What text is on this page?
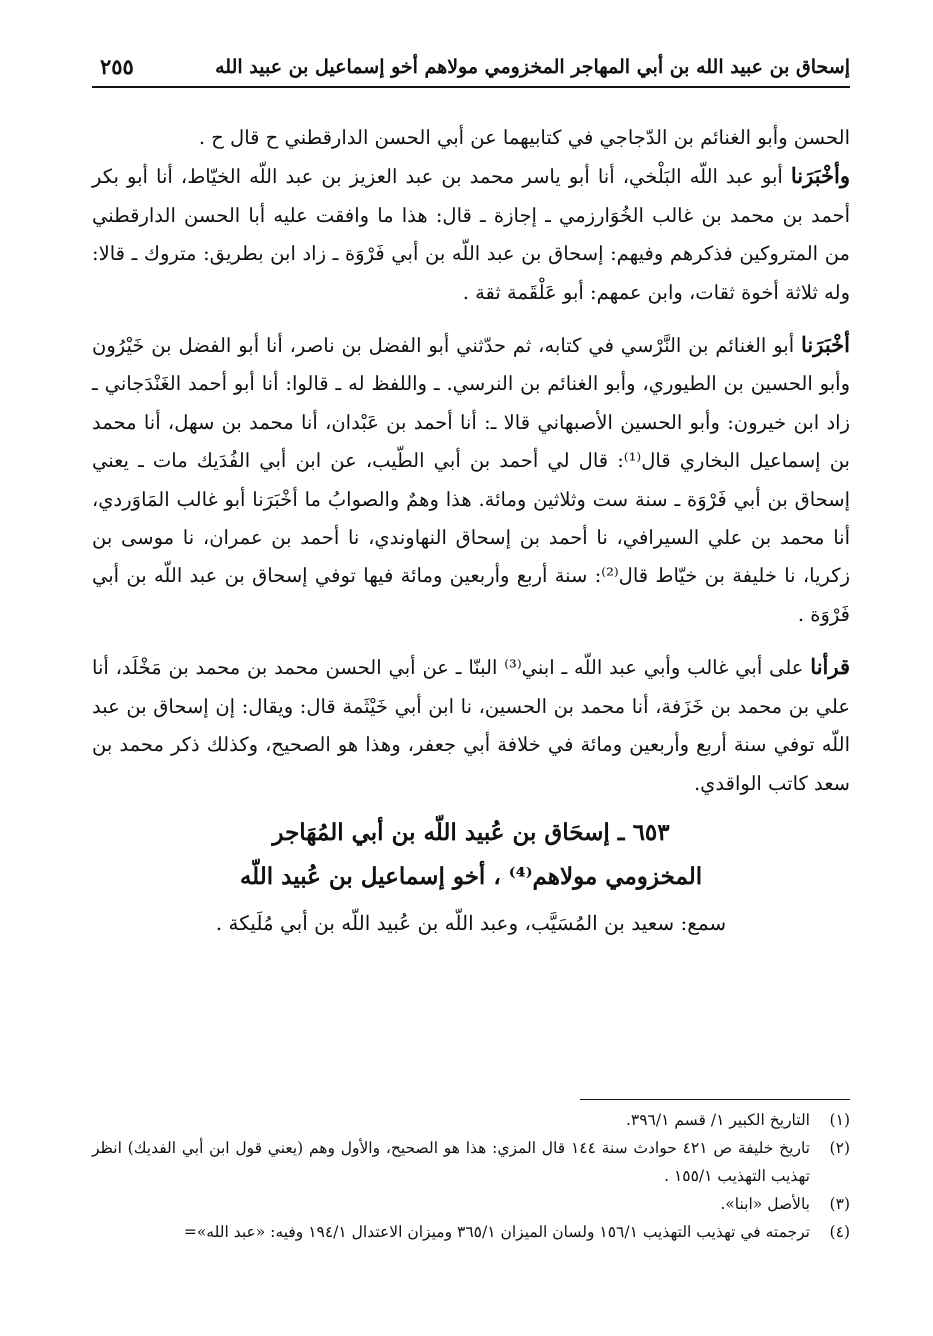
إسحاق بن عبيد الله بن أبي المهاجر المخزومي مولاهم أخو إسماعيل بن عبيد الله
٢٥٥

الحسن وأبو الغنائم بن الدّجاجي في كتابيهما عن أبي الحسن الدارقطني ح قال ح .

وأخْبَرَنا أبو عبد اللّه البَلْخي، أنا أبو ياسر محمد بن عبد العزيز بن عبد اللّه الخيّاط، أنا أبو بكر أحمد بن محمد بن غالب الخُوَارزمي ـ إجازة ـ قال: هذا ما وافقت عليه أبا الحسن الدارقطني من المتروكين فذكرهم وفيهم: إسحاق بن عبد اللّه بن أبي فَرْوَة ـ زاد ابن بطريق: متروك ـ قالا: وله ثلاثة أخوة ثقات، وابن عمهم: أبو عَلْقَمة ثقة .

أخْبَرَنا أبو الغنائم بن النَّرْسي في كتابه، ثم حدّثني أبو الفضل بن ناصر، أنا أبو الفضل بن خَيْرُون وأبو الحسين بن الطيوري، وأبو الغنائم بن النرسي. ـ واللفظ له ـ قالوا: أنا أبو أحمد الغَنْدَجاني ـ زاد ابن خيرون: وأبو الحسين الأصبهاني قالا ـ: أنا أحمد بن عَبْدان، أنا محمد بن سهل، أنا محمد بن إسماعيل البخاري قال⁽¹⁾: قال لي أحمد بن أبي الطّيب، عن ابن أبي الفُدَيك مات ـ يعني إسحاق بن أبي فَرْوَة ـ سنة ست وثلاثين ومائة. هذا وهمٌ والصوابُ ما أخْبَرَنا أبو غالب المَاوَردي، أنا محمد بن علي السيرافي، نا أحمد بن إسحاق النهاوندي، نا أحمد بن عمران، نا موسى بن زكريا، نا خليفة بن خيّاط قال⁽²⁾: سنة أربع وأربعين ومائة فيها توفي إسحاق بن عبد اللّه بن أبي فَرْوَة .

قرأنا على أبي غالب وأبي عبد اللّه ـ ابني⁽³⁾ البنّا ـ عن أبي الحسن محمد بن محمد بن مَخْلَد، أنا علي بن محمد بن خَزَفة، أنا محمد بن الحسين، نا ابن أبي خَيْثَمة قال: ويقال: إن إسحاق بن عبد اللّه توفي سنة أربع وأربعين ومائة في خلافة أبي جعفر، وهذا هو الصحيح، وكذلك ذكر محمد بن سعد كاتب الواقدي.

٦٥٣ ـ إسحَاق بن عُبيد اللّه بن أبي المُهَاجر
المخزومي مولاهم⁽⁴⁾ ، أخو إسماعيل بن عُبيد اللّه

سمع: سعيد بن المُسَيَّب، وعبد اللّه بن عُبيد اللّه بن أبي مُلَيكة .

(١)
التاريخ الكبير ١/ قسم ٣٩٦/١.

(٢)
تاريخ خليفة ص ٤٢١ حوادث سنة ١٤٤ قال المزي: هذا هو الصحيح، والأول وهم (يعني قول ابن أبي الفديك) انظر تهذيب التهذيب ١٥٥/١ .

(٣)
بالأصل «ابنا».

(٤)
ترجمته في تهذيب التهذيب ١٥٦/١ ولسان الميزان ٣٦٥/١ وميزان الاعتدال ١٩٤/١ وفيه: «عبد الله»=
